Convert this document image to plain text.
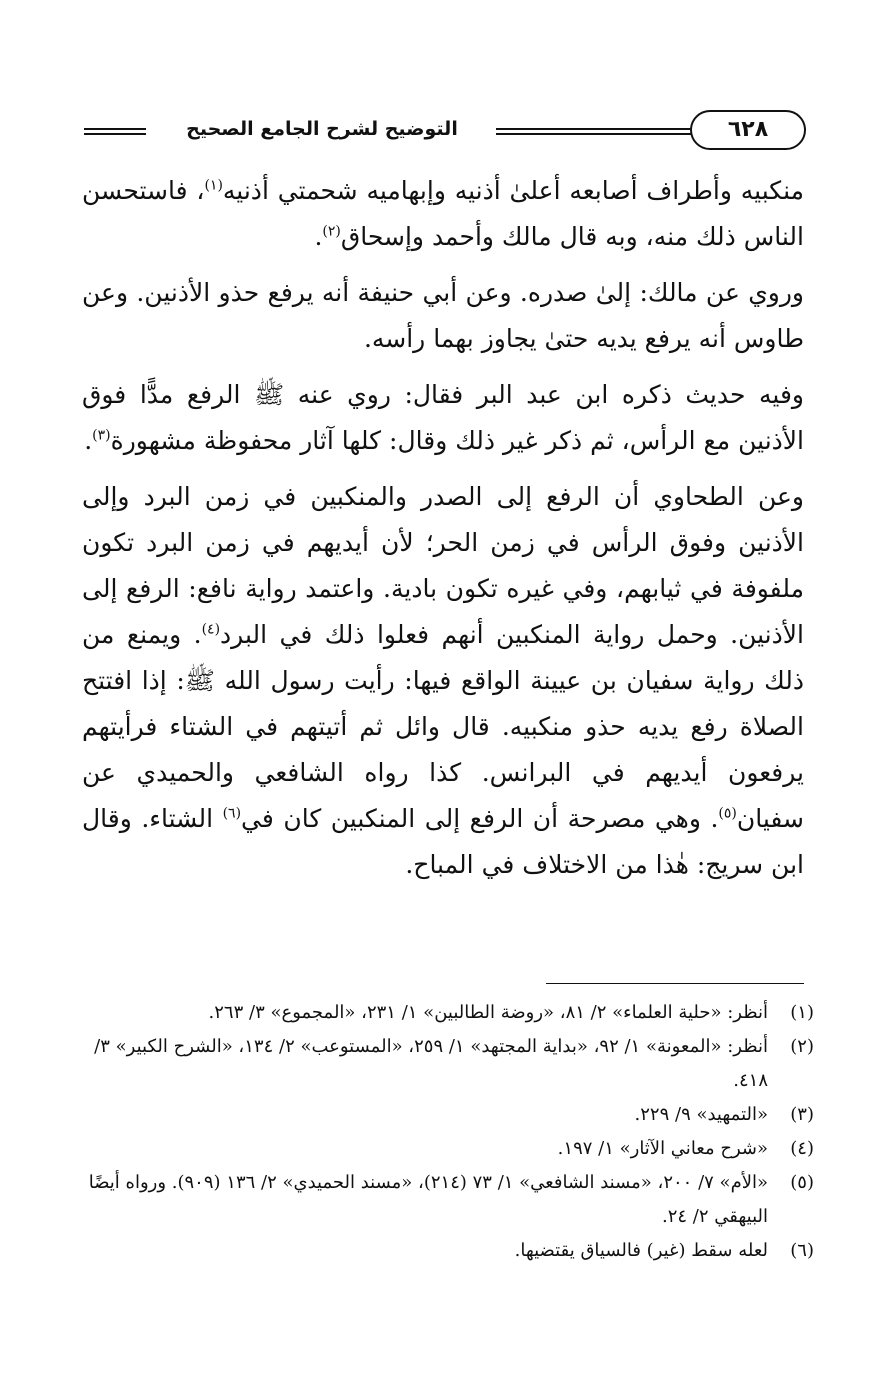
التوضيح لشرح الجامع الصحيح	٦٢٨

منكبيه وأطراف أصابعه أعلىٰ أذنيه وإبهاميه شحمتي أذنيه$^{(١)}$، فاستحسن الناس ذلك منه، وبه قال مالك وأحمد وإسحاق$^{(٢)}$.

وروي عن مالك: إلىٰ صدره. وعن أبي حنيفة أنه يرفع حذو الأذنين. وعن طاوس أنه يرفع يديه حتىٰ يجاوز بهما رأسه.

وفيه حديث ذكره ابن عبد البر فقال: روي عنه ﷺ الرفع مدًّا فوق الأذنين مع الرأس، ثم ذكر غير ذلك وقال: كلها آثار محفوظة مشهورة$^{(٣)}$.

وعن الطحاوي أن الرفع إلى الصدر والمنكبين في زمن البرد وإلى الأذنين وفوق الرأس في زمن الحر؛ لأن أيديهم في زمن البرد تكون ملفوفة في ثيابهم، وفي غيره تكون بادية. واعتمد رواية نافع: الرفع إلى الأذنين. وحمل رواية المنكبين أنهم فعلوا ذلك في البرد$^{(٤)}$. ويمنع من ذلك رواية سفيان بن عيينة الواقع فيها: رأيت رسول الله ﷺ: إذا افتتح الصلاة رفع يديه حذو منكبيه. قال وائل ثم أتيتهم في الشتاء فرأيتهم يرفعون أيديهم في البرانس. كذا رواه الشافعي والحميدي عن سفيان$^{(٥)}$. وهي مصرحة أن الرفع إلى المنكبين كان في$^{(٦)}$ الشتاء. وقال ابن سريج: هٰذا من الاختلاف في المباح.

(١)
أنظر: «حلية العلماء» ٢/ ٨١، «روضة الطالبين» ١/ ٢٣١، «المجموع» ٣/ ٢٦٣.
(٢)
أنظر: «المعونة» ١/ ٩٢، «بداية المجتهد» ١/ ٢٥٩، «المستوعب» ٢/ ١٣٤، «الشرح الكبير» ٣/ ٤١٨.
(٣)
«التمهيد» ٩/ ٢٢٩.
(٤)
«شرح معاني الآثار» ١/ ١٩٧.
(٥)
«الأم» ٧/ ٢٠٠، «مسند الشافعي» ١/ ٧٣ (٢١٤)، «مسند الحميدي» ٢/ ١٣٦ (٩٠٩). ورواه أيضًا البيهقي ٢/ ٢٤.
(٦)
لعله سقط (غير) فالسياق يقتضيها.
